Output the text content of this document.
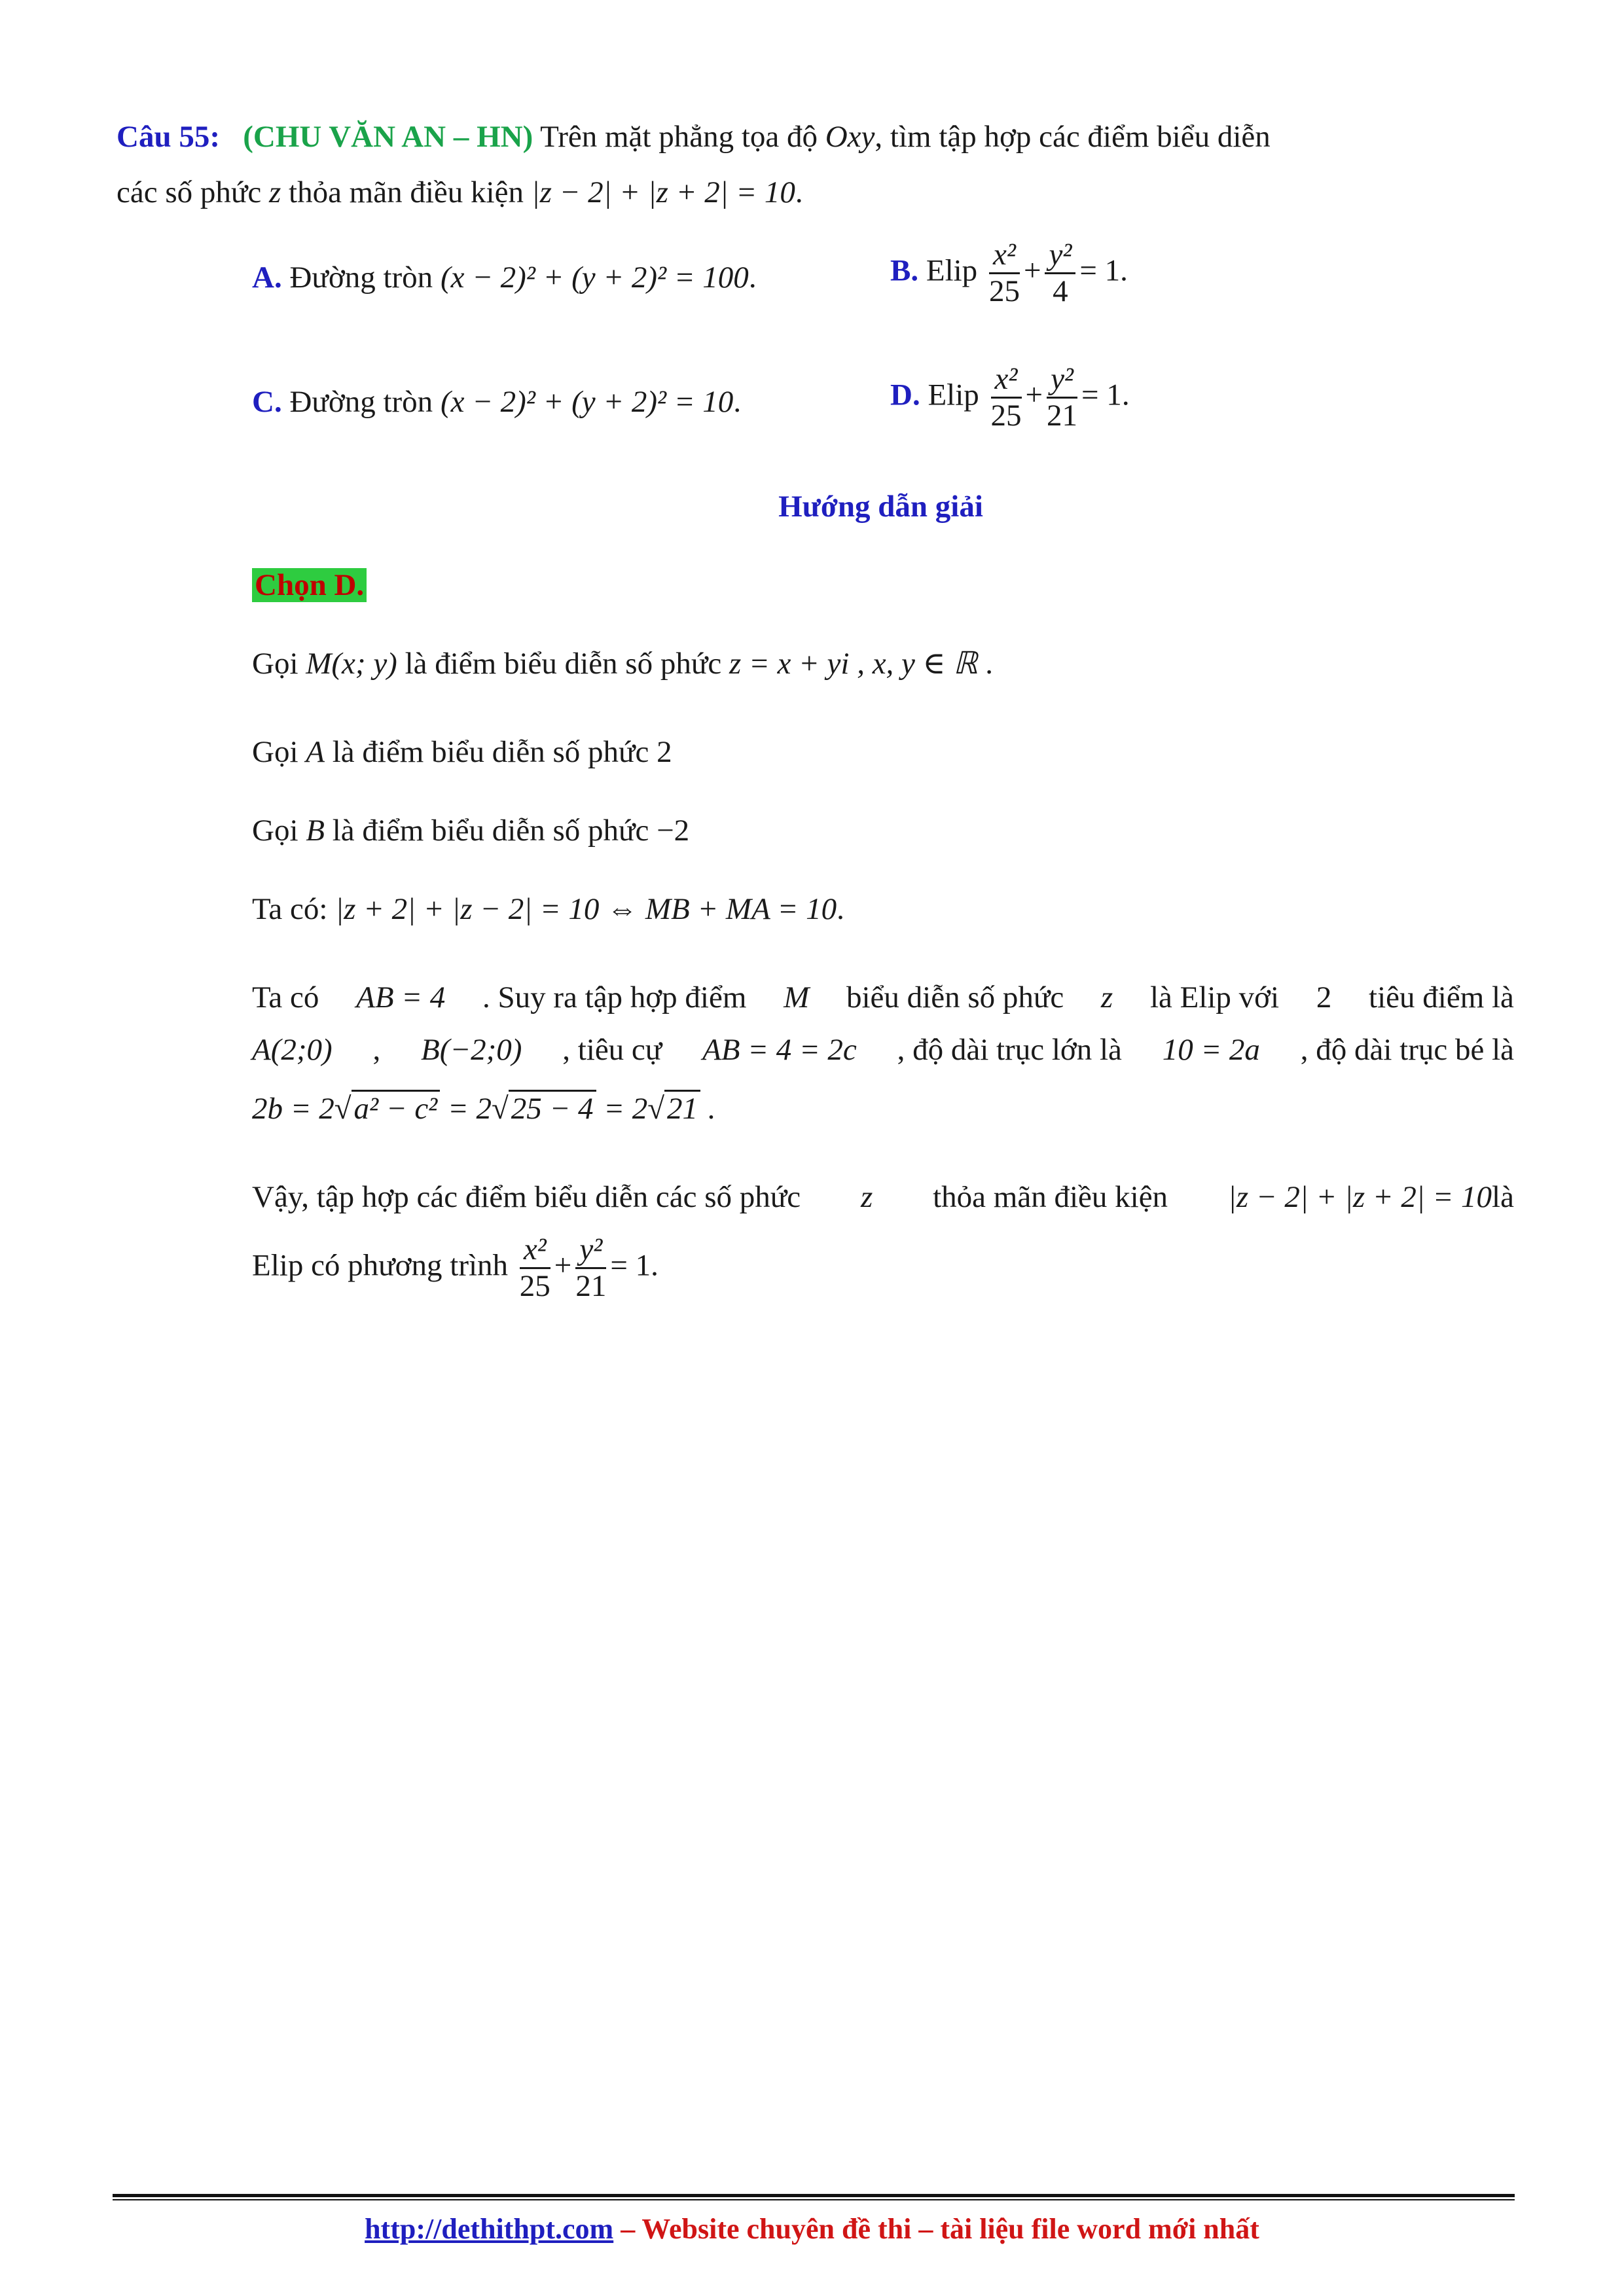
Câu 55: (CHU VĂN AN – HN) Trên mặt phẳng tọa độ Oxy, tìm tập hợp các điểm biểu diễn
các số phức z thỏa mãn điều kiện |z − 2| + |z + 2| = 10.
A. Đường tròn (x − 2)² + (y + 2)² = 100.	B. Elip $\frac{\text{x²}}{25} + \frac{\text{y²}}{4} = 1$.
C. Đường tròn (x − 2)² + (y + 2)² = 10.	D. Elip $\frac{\text{x²}}{25} + \frac{\text{y²}}{21} = 1$.
Hướng dẫn giải
Chọn D.
Gọi M(x; y) là điểm biểu diễn số phức z = x + yi , x, y ∈ ℝ .
Gọi A là điểm biểu diễn số phức 2
Gọi B là điểm biểu diễn số phức −2
Ta có: |z + 2| + |z − 2| = 10 ⇔ MB + MA = 10.
Ta có AB = 4 . Suy ra tập hợp điểm M biểu diễn số phức z là Elip với 2 tiêu điểm là
A(2;0) , B(−2;0) , tiêu cự AB = 4 = 2c , độ dài trục lớn là 10 = 2a , độ dài trục bé là
2b = 2√a² − c² = 2√25 − 4 = 2√21 .
Vậy, tập hợp các điểm biểu diễn các số phức z thỏa mãn điều kiện |z − 2| + |z + 2| = 10là
Elip có phương trình $\frac{\text{x²}}{25} + \frac{\text{y²}}{21} = 1$.
http://dethithpt.com – Website chuyên đề thi – tài liệu file word mới nhất
